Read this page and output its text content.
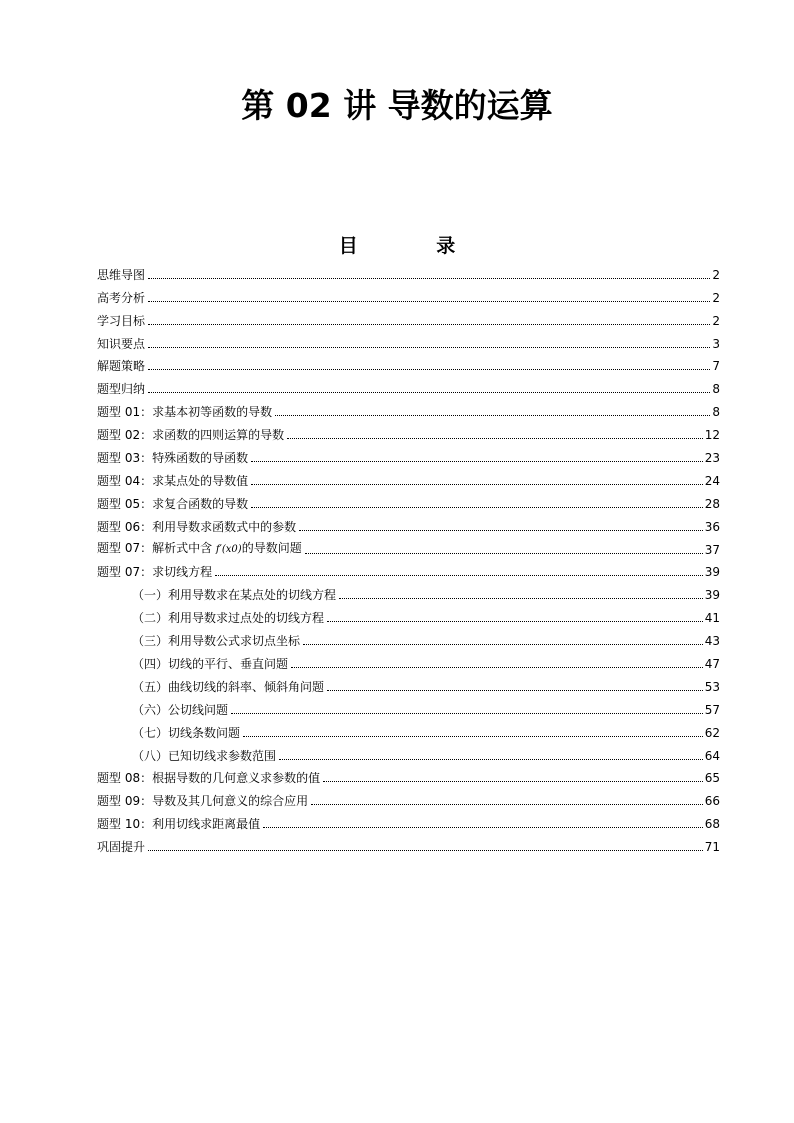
第 02 讲 导数的运算
目 录
思维导图	2
高考分析	2
学习目标	2
知识要点	3
解题策略	7
题型归纳	8
题型 01：求基本初等函数的导数	8
题型 02：求函数的四则运算的导数	12
题型 03：特殊函数的导函数	23
题型 04：求某点处的导数值	24
题型 05：求复合函数的导数	28
题型 06：利用导数求函数式中的参数	36
题型 07：解析式中含 f′(x0)的导数问题	37
题型 07：求切线方程	39
（一）利用导数求在某点处的切线方程	39
（二）利用导数求过点处的切线方程	41
（三）利用导数公式求切点坐标	43
（四）切线的平行、垂直问题	47
（五）曲线切线的斜率、倾斜角问题	53
（六）公切线问题	57
（七）切线条数问题	62
（八）已知切线求参数范围	64
题型 08：根据导数的几何意义求参数的值	65
题型 09：导数及其几何意义的综合应用	66
题型 10：利用切线求距离最值	68
巩固提升	71
